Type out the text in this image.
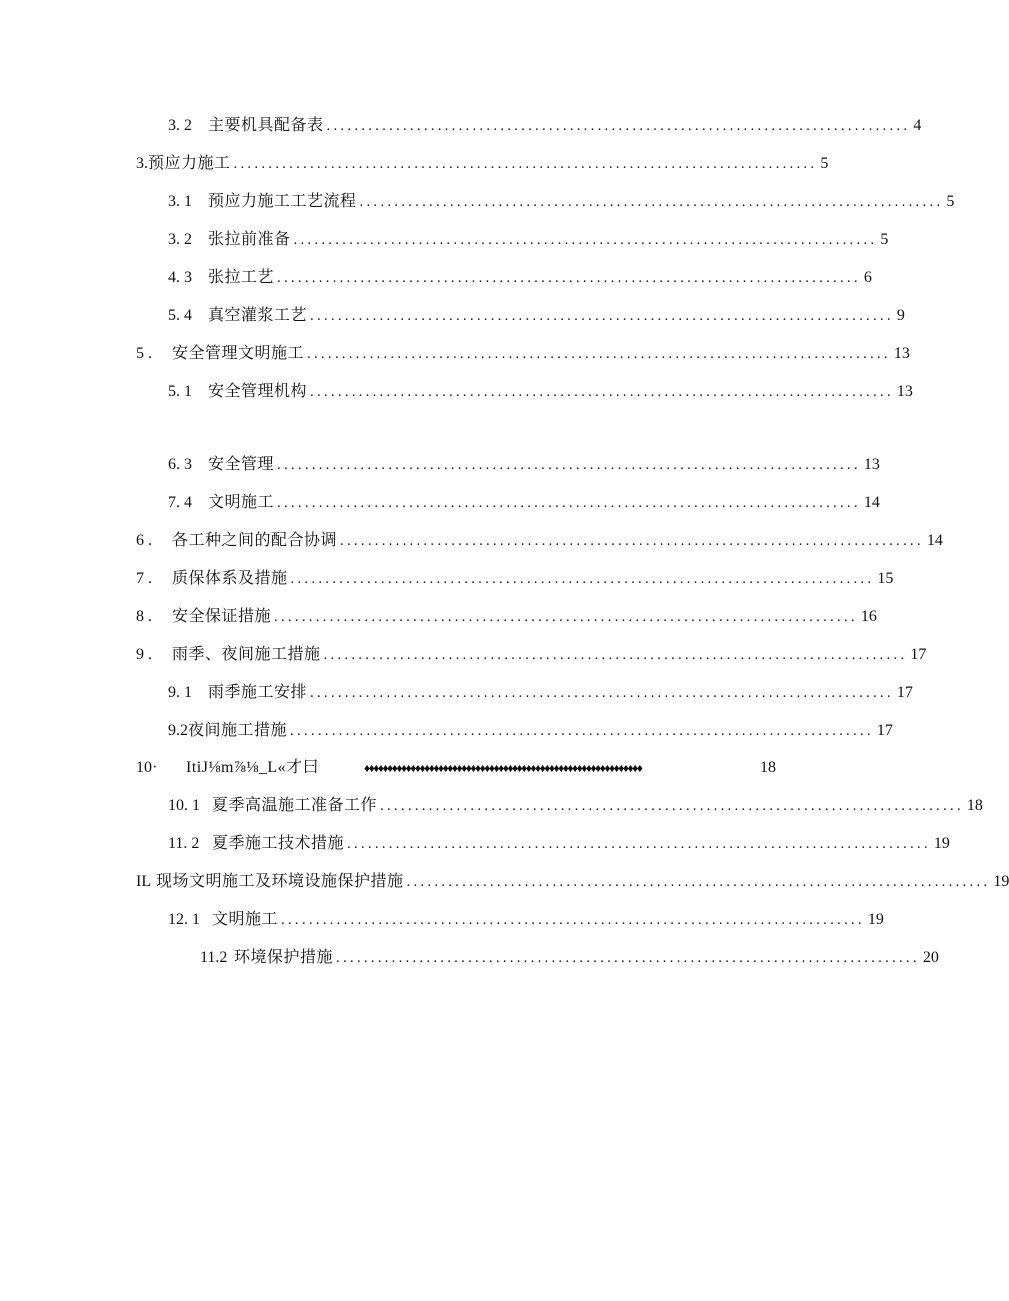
3. 2	主要机具配备表 .................................................................................... 4
3. 预应力施工 .................................................................................... 5
3. 1	预应力施工工艺流程 .................................................................................... 5
3. 2	张拉前准备 .................................................................................... 5
4. 3	张拉工艺 .................................................................................... 6
5. 4	真空灌浆工艺 .................................................................................... 9
5 .	安全管理文明施工 .................................................................................... 13
5. 1	安全管理机构 .................................................................................... 13
6. 3	安全管理 .................................................................................... 13
7. 4	文明施工 .................................................................................... 14
6 .	各工种之间的配合协调 .................................................................................... 14
7 .	质保体系及措施 .................................................................................... 15
8 .	安全保证措施 .................................................................................... 16
9 .	雨季、夜间施工措施 .................................................................................... 17
9. 1	雨季施工安排 .................................................................................... 17
9.2 夜间施工措施 .................................................................................... 17
10·	ItiJ⅛m⅞⅛_L«才曰	♦♦♦♦♦♦♦♦♦♦♦♦♦♦♦♦♦♦♦♦♦♦♦♦♦♦♦♦♦♦♦♦♦♦♦♦♦♦♦♦♦♦♦♦♦♦♦♦♦♦♦♦♦♦♦♦♦♦♦♦	18
10. 1 夏季高温施工准备工作 .................................................................................... 18
11. 2 夏季施工技术措施 .................................................................................... 19
IL 现场文明施工及环境设施保护措施 .................................................................................... 19
12. 1 文明施工 .................................................................................... 19
11.2 环境保护措施 .................................................................................... 20
